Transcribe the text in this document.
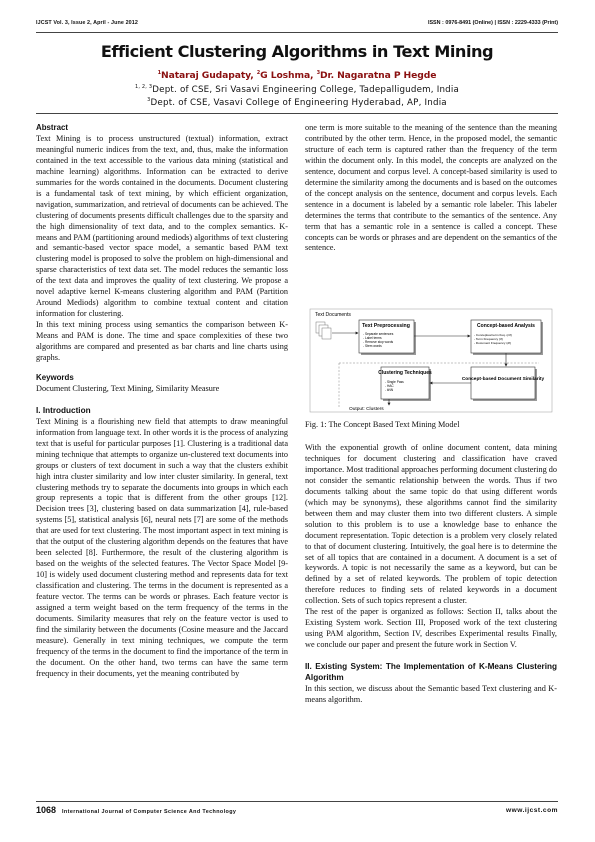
IJCST Vol. 3, Issue 2, April - June 2012	ISSN : 0976-8491 (Online) | ISSN : 2229-4333 (Print)
Efficient Clustering Algorithms in Text Mining
$^1$Nataraj Gudapaty, $^2$G Loshma, $^3$Dr. Nagaratna P Hegde
$^{1, 2, 3}$Dept. of CSE, Sri Vasavi Engineering College, Tadepalligudem, India
$^3$Dept. of CSE, Vasavi College of Engineering Hyderabad, AP, India
Abstract

Text Mining is to process unstructured (textual) information, extract meaningful numeric indices from the text, and, thus, make the information contained in the text accessible to the various data mining (statistical and machine learning) algorithms. Information can be extracted to derive summaries for the words contained in the documents. Document clustering is a fundamental task of text mining, by which efficient organization, navigation, summarization, and retrieval of documents can be achieved. The clustering of documents presents difficult challenges due to the sparsity and the high dimensionality of text data, and to the complex semantics. K-means and PAM (partitioning around mediods) algorithms of text clustering and semantic-based vector space model, a semantic based PAM text clustering model is proposed to solve the problem on high-dimensional and sparse characteristics of text data set. The model reduces the semantic loss of the text data and improves the quality of text clustering. We propose a novel adaptive kernel K-means clustering algorithm and PAM (Partition Around Mediods) algorithm to combine textual content and citation information for clustering.

In this text mining process using semantics the comparison between K-Means and PAM is done. The time and space complexities of these two algorithms are compared and presented as bar charts and line charts using graphs.

Keywords

Document Clustering, Text Mining, Similarity Measure

I. Introduction

Text Mining is a flourishing new field that attempts to draw meaningful information from language text. In other words it is the process of analyzing text that is useful for particular purposes [1]. Clustering is a traditional data mining technique that attempts to organize un-clustered text documents into groups or clusters of text document in such a way that the clusters exhibit high intra cluster similarity and low inter cluster similarity. In general, text clustering methods try to separate the documents into groups in which each group represents a topic that is different from the other groups [12]. Decision trees [3], clustering based on data summarization [4], rule-based systems [5], statistical analysis [6], neural nets [7] are some of the methods that are used for text clustering. The most important aspect in text mining is that the output of the clustering algorithm depends on the features that have been selected [8]. Furthermore, the result of the clustering algorithm is based on the weights of the selected features. The Vector Space Model [9-10] is widely used document clustering method and represents data for text classification and clustering. The terms in the document is represented as a feature vector. The terms can be words or phrases. Each feature vector is assigned a term weight based on the term frequency of the terms in the documents. Similarity measures that rely on the feature vector is used to find the similarity between the documents (Cosine measure and the Jaccard measure). Generally in text mining techniques, we compute the term frequency of the terms in the document to find the importance of the term in the document. On the other hand, two terms can have the same term frequency in their documents, yet the meaning contributed by

one term is more suitable to the meaning of the sentence than the meaning contributed by the other term. Hence, in the proposed model, the semantic structure of each term is captured rather than the frequency of the term within the document only. In this model, the concepts are analyzed on the sentence, document and corpus level. A concept-based similarity is used to determine the similarity among the documents and is based on the outcomes of the concept analysis on the sentence, document and corpus levels. Each sentence in a document is labeled by a semantic role labeler. This labeler determines the terms that contribute to the semantics of the sentence. Any term that has a semantic role in a sentence is called a concept. These concepts can be words or phrases and are dependent on the semantics of the sentence.

Text Documents
Text Preprocessing
- Separate sentences
- Label terms
- Remove stop words
- Stem words
Concept-based Analysis
- Conceptual term freq. (ctf)
- Term Frequency (tf)
- Document Frequency (df)
Clustering Techniques
- Single Pass
- HAC
- kNN
Concept-based Document Similarity
Output: Clusters
Fig. 1: The Concept Based Text Mining Model

With the exponential growth of online document content, data mining techniques for document clustering and classification have craved importance. Most traditional approaches performing document clustering do not consider the semantic relationship between the words. Thus if two documents talking about the same topic do that using different words (which may be synonyms), these algorithms cannot find the similarity between them and may cluster them into two different clusters. A simple solution to this problem is to use a knowledge base to enhance the document representation. Topic detection is a problem very closely related to that of document clustering. Intuitively, the goal here is to determine the set of all topics that are contained in a document. A document is a set of keywords. A topic is not necessarily the same as a keyword, but can be defined by a set of related keywords. The problem of topic detection therefore reduces to finding sets of related keywords in a document collection. Sets of such topics represent a cluster.

The rest of the paper is organized as follows: Section II, talks about the Existing System work. Section III, Proposed work of the text clustering using PAM algorithm, Section IV, describes Experimental results Finally, we conclude our paper and present the future work in Section V.

II. Existing System: The Implementation of K-Means Clustering Algorithm

In this section, we discuss about the Semantic based Text clustering and K-means algorithm.

1068 International Journal of Computer Science And Technology	www.ijcst.com
